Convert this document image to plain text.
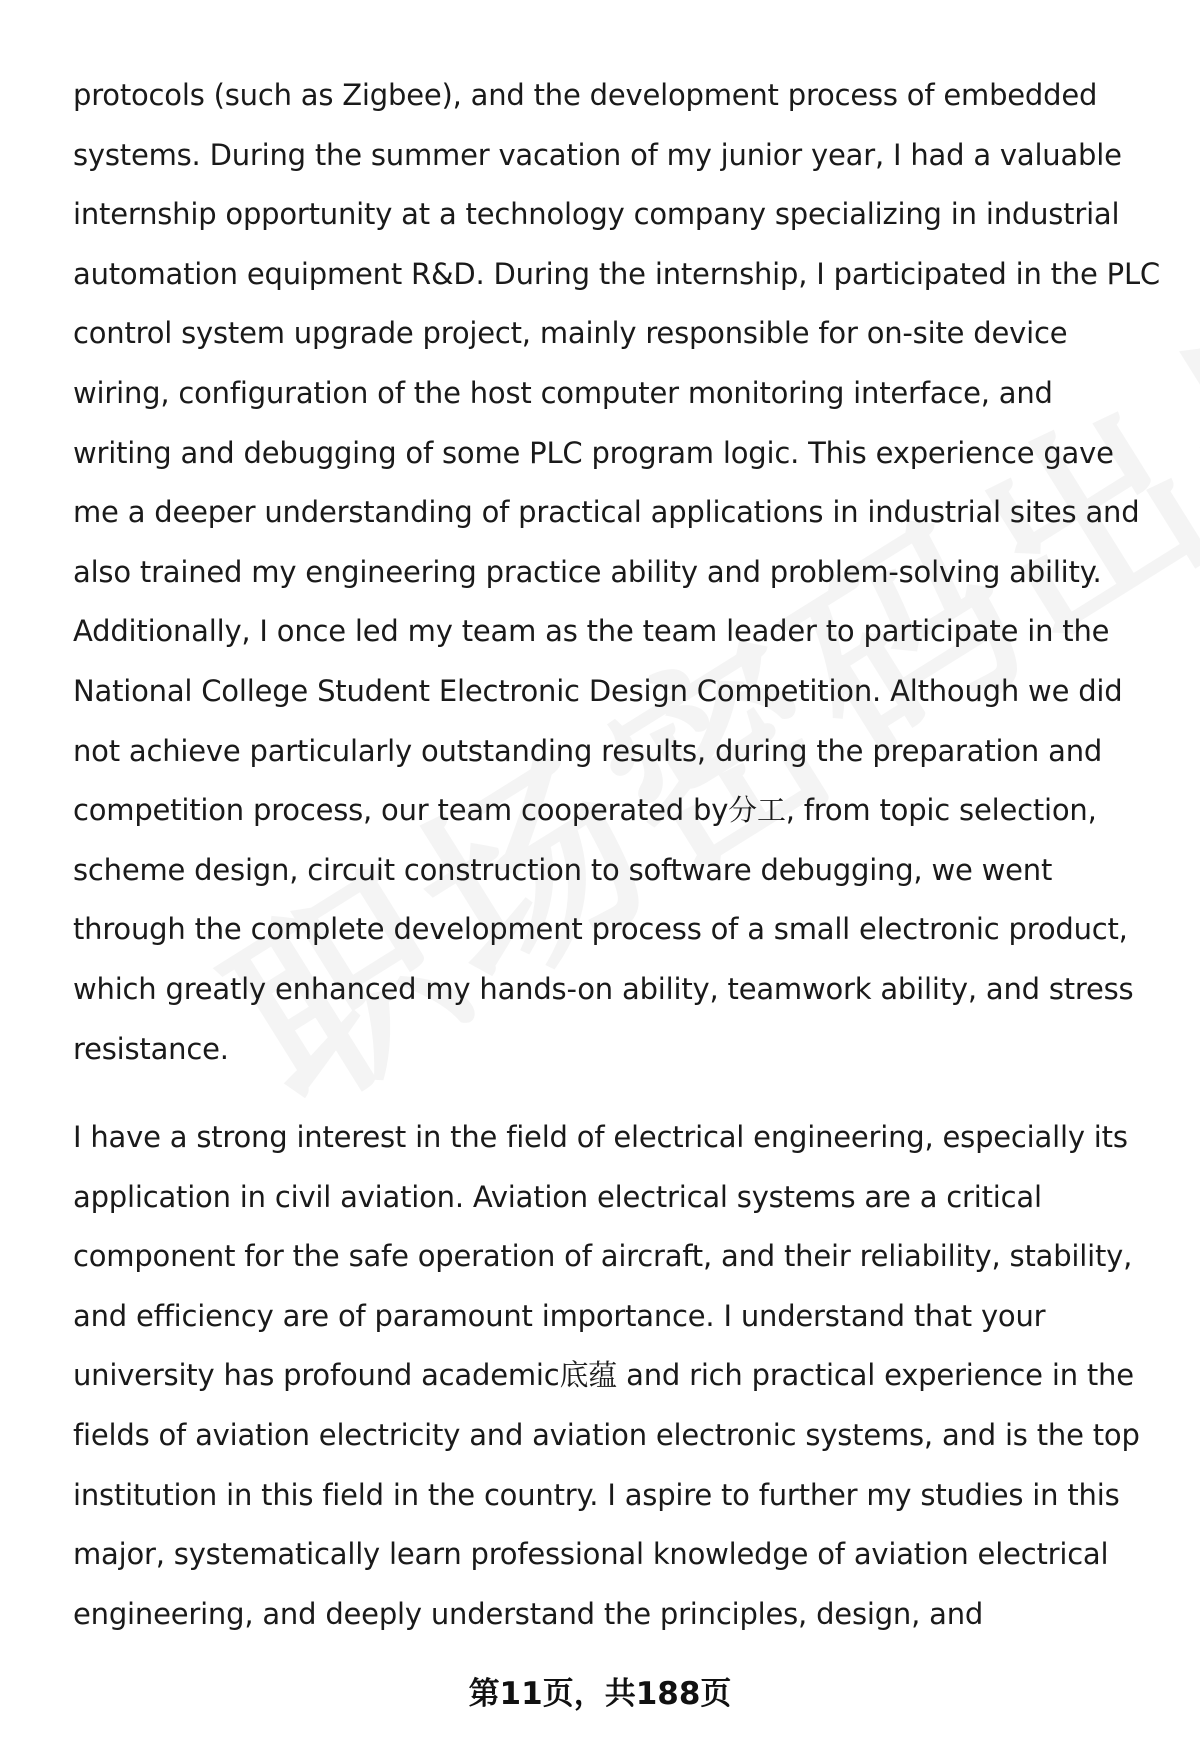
protocols (such as Zigbee), and the development process of embedded
systems. During the summer vacation of my junior year, I had a valuable
internship opportunity at a technology company specializing in industrial
automation equipment R&D. During the internship, I participated in the PLC
control system upgrade project, mainly responsible for on-site device
wiring, configuration of the host computer monitoring interface, and
writing and debugging of some PLC program logic. This experience gave
me a deeper understanding of practical applications in industrial sites and
also trained my engineering practice ability and problem-solving ability.
Additionally, I once led my team as the team leader to participate in the
National College Student Electronic Design Competition. Although we did
not achieve particularly outstanding results, during the preparation and
competition process, our team cooperated by分工, from topic selection,
scheme design, circuit construction to software debugging, we went
through the complete development process of a small electronic product,
which greatly enhanced my hands-on ability, teamwork ability, and stress
resistance.
I have a strong interest in the field of electrical engineering, especially its
application in civil aviation. Aviation electrical systems are a critical
component for the safe operation of aircraft, and their reliability, stability,
and efficiency are of paramount importance. I understand that your
university has profound academic底蕴 and rich practical experience in the
fields of aviation electricity and aviation electronic systems, and is the top
institution in this field in the country. I aspire to further my studies in this
major, systematically learn professional knowledge of aviation electrical
engineering, and deeply understand the principles, design, and
第11页，共188页
